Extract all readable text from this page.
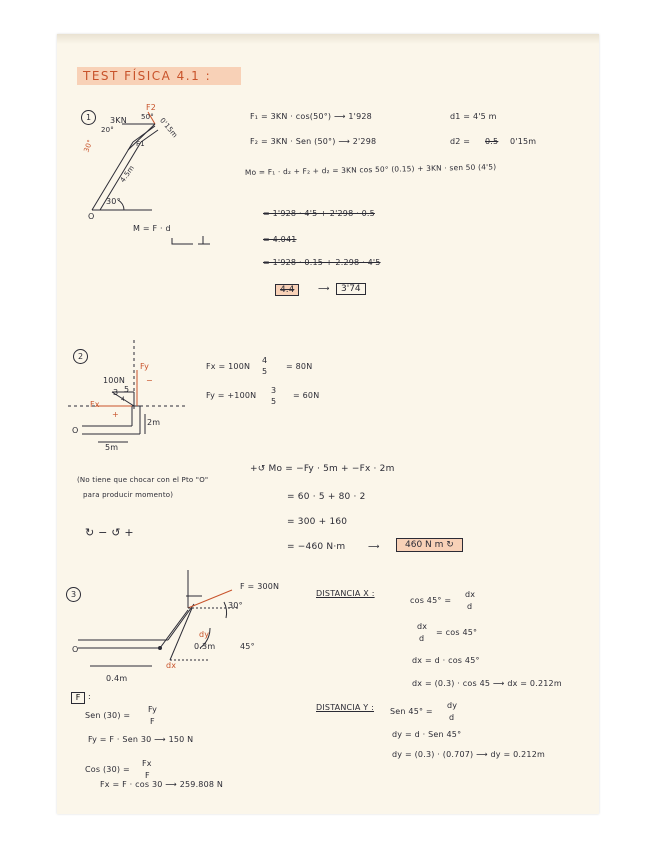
TEST FÍSICA 4.1 :
1
F2
3KN 50°
20°	0'15m
F1
30°
4.5m
30°
O
M = F · d
F₁ = 3KN · cos(50°) ⟶ 1'928
F₂ = 3KN · Sen (50°) ⟶ 2'298
d1 = 4'5 m
d2 = 0.5 0'15m
Mo = F₁ · d₂ + F₂ + d₂ = 3KN cos 50° (0.15) + 3KN · sen 50 (4'5)
= 1'928 · 4'5 + 2'298 · 0.5
= 4.041
= 1'928 · 0.15 + 2.298 · 4'5
4.4	⟶	3'74
2
Fy
100N
3 5
4
Fx
−
+
2m
O
5m
Fx = 100N
4
5
= 80N
Fy = +100N
3
5
= 60N
(No tiene que chocar con el Pto "O"
para producir momento)
↻ − ↺ +
+↺ Mo = −Fy · 5m + −Fx · 2m
= 60 · 5 + 80 · 2
= 300 + 160
= −460 N·m	⟶	460 N m ↻
3
F = 300N
30°
dy
0.3m	45°
O
dx
0.4m
F :
Sen (30) =
Fy
F
Fy = F · Sen 30 ⟶ 150 N
Cos (30) =
Fx
F
Fx = F · cos 30 ⟶ 259.808 N
DISTANCIA X :
cos 45° =
dx
d
dx
d
= cos 45°
dx = d · cos 45°
dx = (0.3) · cos 45 ⟶ dx = 0.212m
DISTANCIA Y : Sen 45° =
dy
d
dy = d · Sen 45°
dy = (0.3) · (0.707) ⟶ dy = 0.212m
